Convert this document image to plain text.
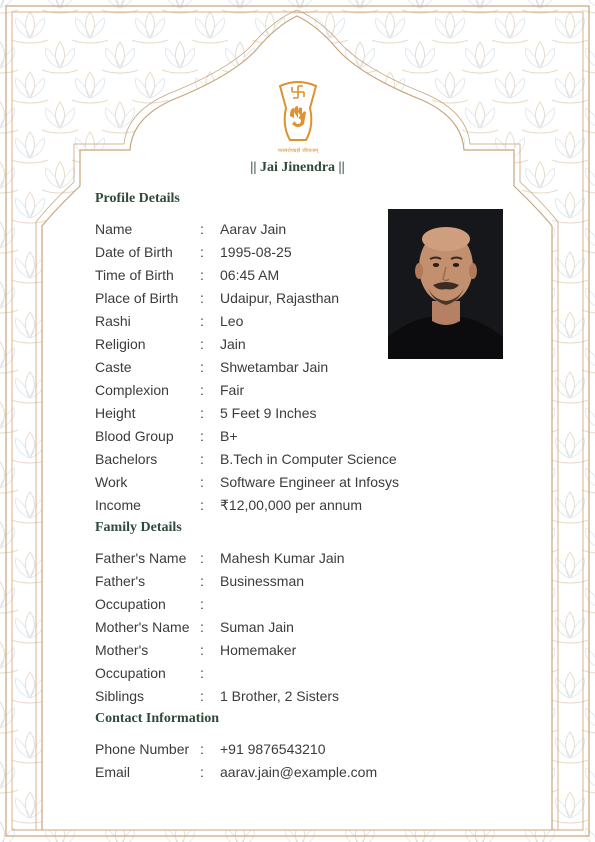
परस्परोपग्रहो जीवानाम्
|| Jai Jinendra ||
Profile Details
Name	: Aarav Jain
Date of Birth	: 1995-08-25
Time of Birth	: 06:45 AM
Place of Birth	: Udaipur, Rajasthan
Rashi	: Leo
Religion	: Jain
Caste	: Shwetambar Jain
Complexion	: Fair
Height	: 5 Feet 9 Inches
Blood Group	: B+
Bachelors	: B.Tech in Computer Science
Work	: Software Engineer at Infosys
Income	: ₹12,00,000 per annum
Family Details
Father's Name : Mahesh Kumar Jain
Father's	: Businessman
Occupation	:
Mother's Name : Suman Jain
Mother's	: Homemaker
Occupation	:
Siblings	: 1 Brother, 2 Sisters
Contact Information
Phone Number : +91 9876543210
Email	: aarav.jain@example.com
